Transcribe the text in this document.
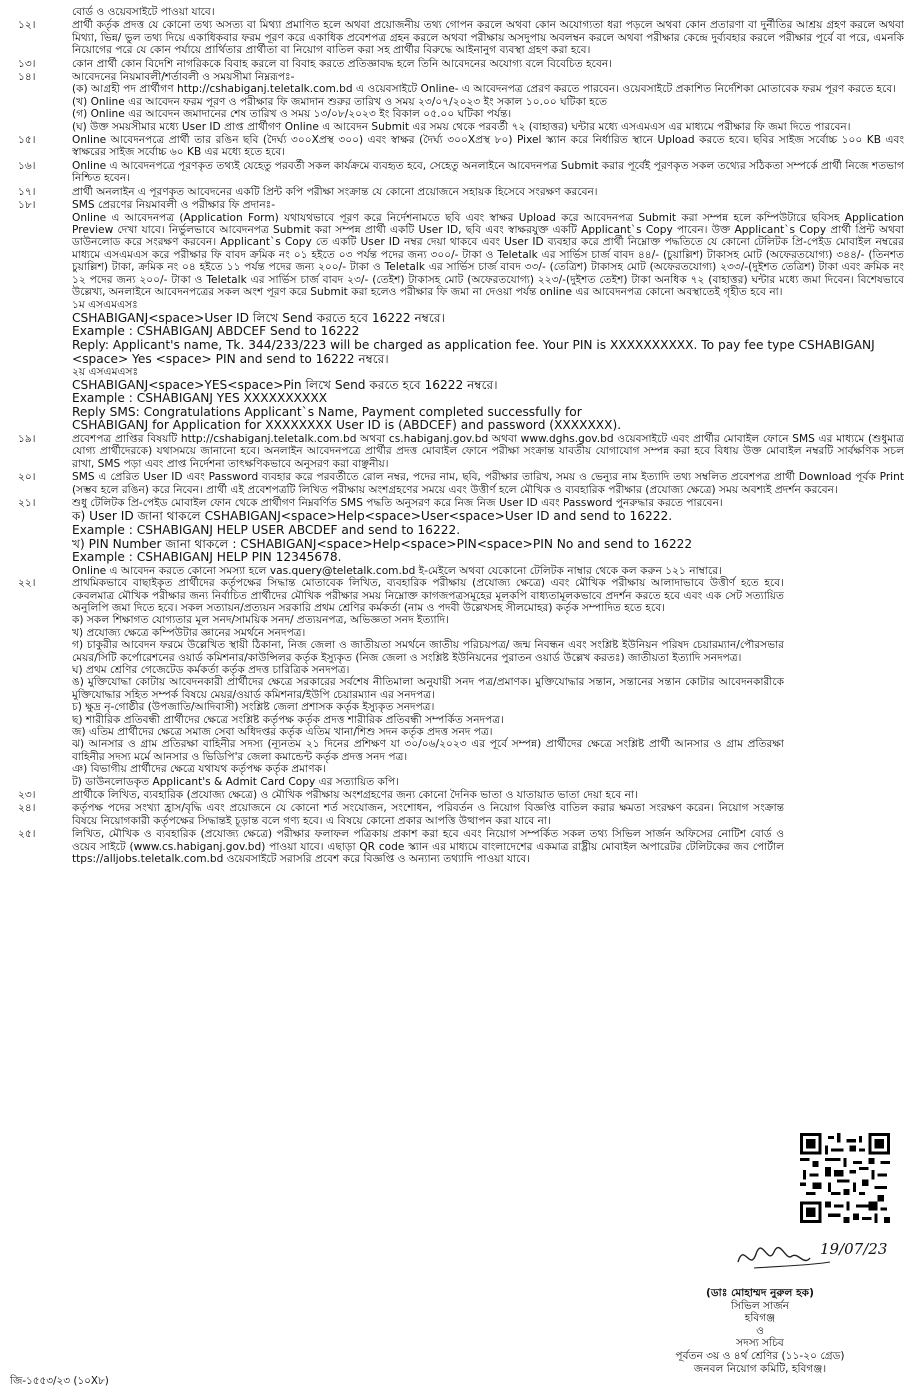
বোর্ড ও ওয়েবসাইটে পাওয়া যাবে।

১২।	প্রার্থী কর্তৃক প্রদত্ত যে কোনো তথ্য অসত্য বা মিথ্যা প্রমাণিত হলে অথবা প্রয়োজনীয় তথ্য গোপন করলে অথবা কোন অযোগ্যতা ধরা পড়লে অথবা কোন প্রতারণা বা দুর্নীতির আশ্রয় গ্রহণ করলে অথবা মিথ্যা, ভিন্ন/ ভুল তথ্য দিয়ে একাধিকবার ফরম পূরণ করে একাধিক প্রবেশপত্র গ্রহন করলে অথবা পরীক্ষায় অসদুপায় অবলম্বন করলে অথবা পরীক্ষার কেন্দ্রে দুর্ব্যবহার করলে পরীক্ষার পূর্বে বা পরে, এমনকি নিয়োগের পরে যে কোন পর্যায়ে প্রার্থিতার প্রার্থীতা বা নিয়োগ বাতিল করা সহ প্রার্থীর বিরুদ্ধে আইনানুগ ব্যবস্থা গ্রহণ করা হবে।

১৩।	কোন প্রার্থী কোন বিদেশি নাগরিককে বিবাহ করলে বা বিবাহ করতে প্রতিজ্ঞাবদ্ধ হলে তিনি আবেদনের অযোগ্য বলে বিবেচিত হবেন।

১৪।	আবেদনের নিয়মাবলী/শর্তাবলী ও সময়সীমা নিম্নরূপঃ-

(ক) আগ্রহী পদ প্রার্থীগণ http://cshabiganj.teletalk.com.bd এ ওয়েবসাইটে Online- এ আবেদনপত্র প্রেরণ করতে পারবেন। ওয়েবসাইটে প্রকাশিত নির্দেশিকা মোতাবেক ফরম পূরণ করতে হবে।

(খ) Online এর আবেদন ফরম পূরণ ও পরীক্ষার ফি জমাদান শুরুর তারিখ ও সময় ২৩/০৭/২০২৩ ইং সকাল ১০.০০ ঘটিকা হতে

(গ) Online এর আবেদন জমাদানের শেষ তারিখ ও সময় ১৩/০৮/২০২৩ ইং বিকাল ০৫.০০ ঘটিকা পর্যন্ত।

(ঘ) উক্ত সময়সীমার মধ্যে User ID প্রাপ্ত প্রার্থীগণ Online এ আবেদন Submit এর সময় থেকে পরবর্তী ৭২ (বাহাত্তর) ঘন্টার মধ্যে এসএমএস এর মাধ্যমে পরীক্ষার ফি জমা দিতে পারবেন।

১৫।	Online আবেদনপত্রে প্রার্থী তার রঙিন ছবি (দৈর্ঘ্য ৩০০Xপ্রস্থ ৩০০) এবং স্বাক্ষর (দৈর্ঘ্য ৩০০Xপ্রস্থ ৮০) Pixel স্ক্যান করে নির্ধারিত স্থানে Upload করতে হবে। ছবির সাইজ সর্বোচ্চ ১০০ KB এবং স্বাক্ষরের সাইজ সর্বোচ্চ ৬০ KB এর মধ্যে হতে হবে।

১৬।	Online এ আবেদনপত্রে পূরণকৃত তথ্যই যেহেতু পরবর্তী সকল কার্যক্রমে ব্যবহৃত হবে, সেহেতু অনলাইনে আবেদনপত্র Submit করার পূর্বেই পূরণকৃত সকল তথ্যের সঠিকতা সম্পর্কে প্রার্থী নিজে শতভাগ নিশ্চিত হবেন।

১৭।	প্রার্থী অনলাইন এ পূরণকৃত আবেদনের একটি প্রিন্ট কপি পরীক্ষা সংক্রান্ত যে কোনো প্রয়োজনে সহায়ক হিসেবে সংরক্ষণ করবেন।

১৮।	SMS প্রেরণের নিয়মাবলী ও পরীক্ষার ফি প্রদানঃ-

Online এ আবেদনপত্র (Application Form) যথাযথভাবে পূরণ করে নির্দেশনামতে ছবি এবং স্বাক্ষর Upload করে আবেদনপত্র Submit করা সম্পন্ন হলে কম্পিউটারে ছবিসহ Application Preview দেখা যাবে। নির্ভুলভাবে আবেদনপত্র Submit করা সম্পন্ন প্রার্থী একটি User ID, ছবি এবং স্বাক্ষরযুক্ত একটি Applicant`s Copy পাবেন। উক্ত Applicant`s Copy প্রার্থী প্রিন্ট অথবা ডাউনলোড করে সংরক্ষণ করবেন। Applicant`s Copy তে একটি User ID নম্বর দেয়া থাকবে এবং User ID ব্যবহার করে প্রার্থী নিম্নোক্ত পদ্ধতিতে যে কোনো টেলিটক প্রি-পেইড মোবাইল নম্বরের মাধ্যমে এসএমএস করে পরীক্ষার ফি বাবদ ক্রমিক নং ০১ হইতে ০৩ পর্যন্ত পদের জন্য ৩০০/- টাকা ও Teletalk এর সার্ভিস চার্জ বাবদ ৪৪/- (চুয়াল্লিশ) টাকাসহ মোট (অফেরতযোগ্য) ৩৪৪/- (তিনশত চুয়াল্লিশ) টাকা, ক্রমিক নং ০৪ হইতে ১১ পর্যন্ত পদের জন্য ২০০/- টাকা ও Teletalk এর সার্ভিস চার্জ বাবদ ৩৩/- (তেত্রিশ) টাকাসহ মোট (অফেরতযোগ্য) ২৩৩/-(দুইশত তেত্রিশ) টাকা এবং ক্রমিক নং ১২ পদের জন্য ২০০/- টাকা ও Teletalk এর সার্ভিস চার্জ বাবদ ২৩/- (তেইশ) টাকাসহ মোট (অফেরতযোগ্য) ২২৩/-(দুইশত তেইশ) টাকা অনধিক ৭২ (বাহাত্তর) ঘন্টার মধ্যে জমা দিবেন। বিশেষভাবে উল্লেখ্য, অনলাইনে আবেদনপত্রের সকল অংশ পূরণ করে Submit করা হলেও পরীক্ষার ফি জমা না দেওয়া পর্যন্ত online এর আবেদনপত্র কোনো অবস্থাতেই গৃহীত হবে না।

১ম এসএমএসঃ

CSHABIGANJ<space>User ID লিখে Send করতে হবে 16222 নম্বরে।

Example : CSHABIGANJ ABDCEF Send to 16222

Reply: Applicant's name, Tk. 344/233/223 will be charged as application fee. Your PIN is XXXXXXXXXX. To pay fee type CSHABIGANJ <space> Yes <space> PIN and send to 16222 নম্বরে।

২য় এসএমএসঃ

CSHABIGANJ<space>YES<space>Pin লিখে Send করতে হবে 16222 নম্বরে।

Example : CSHABIGANJ YES XXXXXXXXXX

Reply SMS: Congratulations Applicant`s Name, Payment completed successfully for

CSHABIGANJ for Application for XXXXXXXX User ID is (ABDCEF) and password (XXXXXXX).

১৯।	প্রবেশপত্র প্রাপ্তির বিষয়টি http://cshabiganj.teletalk.com.bd অথবা cs.habiganj.gov.bd অথবা www.dghs.gov.bd ওয়েবসাইটে এবং প্রার্থীর মোবাইল ফোনে SMS এর মাধ্যমে (শুধুমাত্র যোগ্য প্রার্থীদেরকে) যথাসময়ে জানানো হবে। অনলাইন আবেদনপত্রে প্রার্থীর প্রদত্ত মোবাইল ফোনে পরীক্ষা সংক্রান্ত যাবতীয় যোগাযোগ সম্পন্ন করা হবে বিধায় উক্ত মোবাইল নম্বরটি সার্বক্ষণিক সচল রাখা, SMS পড়া এবং প্রাপ্ত নির্দেশনা তাৎক্ষণিকভাবে অনুসরণ করা বাঞ্ছনীয়।

২০।	SMS এ প্রেরিত User ID এবং Password ব্যবহার করে পরবর্তীতে রোল নম্বর, পদের নাম, ছবি, পরীক্ষার তারিখ, সময় ও ভেন্যুর নাম ইত্যাদি তথ্য সম্বলিত প্রবেশপত্র প্রার্থী Download পূর্বক Print (সম্ভব হলে রঙিন) করে নিবেন। প্রার্থী এই প্রবেশপত্রটি লিখিত পরীক্ষায় অংশগ্রহণের সময়ে এবং উত্তীর্ণ হলে মৌখিক ও ব্যবহারিক পরীক্ষার (প্রযোজ্য ক্ষেত্রে) সময় অবশ্যই প্রদর্শন করবেন।

২১।	শুধু টেলিটক প্রি-পেইড মোবাইল ফোন থেকে প্রার্থীগণ নিম্নবর্ণিত SMS পদ্ধতি অনুসরণ করে নিজ নিজ User ID এবং Password পুনরুদ্ধার করতে পারবেন।

ক) User ID জানা থাকলে CSHABIGANJ<space>Help<space>User<space>User ID and send to 16222.

Example : CSHABIGANJ HELP USER ABCDEF and send to 16222.

খ) PIN Number জানা থাকলে : CSHABIGANJ<space>Help<space>PIN<space>PIN No and send to 16222

Example : CSHABIGANJ HELP PIN 12345678.

Online এ আবেদন করতে কোনো সমস্যা হলে vas.query@teletalk.com.bd ই-মেইলে অথবা যেকোনো টেলিটক নাম্বার থেকে কল করুন ১২১ নাম্বারে।
২২।	প্রাথমিকভাবে বাছাইকৃত প্রার্থীদের কর্তৃপক্ষের সিদ্ধান্ত মোতাবেক লিখিত, ব্যবহারিক পরীক্ষায় (প্রযোজ্য ক্ষেত্রে) এবং মৌখিক পরীক্ষায় আলাদাভাবে উত্তীর্ণ হতে হবে। কেবলমাত্র মৌখিক পরীক্ষার জন্য নির্বাচিত প্রার্থীদের মৌখিক পরীক্ষার সময় নিম্নোক্ত কাগজপত্রসমূহের মূলকপি বাধ্যতামূলকভাবে প্রদর্শন করতে হবে এবং এক সেট সত্যায়িত অনুলিপি জমা দিতে হবে। সকল সত্যায়ন/প্রত্যয়ন সরকারি প্রথম শ্রেণির কর্মকর্তা (নাম ও পদবী উল্লেখসহ সীলমোহর) কর্তৃক সম্পাদিত হতে হবে।

ক) সকল শিক্ষাগত যোগ্যতার মূল সনদ/সাময়িক সনদ/ প্রত্যয়নপত্র, অভিজ্ঞতা সনদ ইত্যাদি।

খ) প্রযোজ্য ক্ষেত্রে কম্পিউটার জ্ঞানের সমর্থনে সনদপত্র।

গ) চাকুরীর আবেদন ফরমে উল্লেখিত স্থায়ী ঠিকানা, নিজ জেলা ও জাতীয়তা সমর্থনে জাতীয় পরিচয়পত্র/ জন্ম নিবন্ধন এবং সংশ্লিষ্ট ইউনিয়ন পরিষদ চেয়ারম্যান/পৌরসভার মেয়র/সিটি কর্পোরেশনের ওয়ার্ড কমিশনার/কাউন্সিলর কর্তৃক ইস্যুকৃত (নিজ জেলা ও সংশ্লিষ্ট ইউনিয়নের পুরাতন ওয়ার্ড উল্লেখ করতঃ) জাতীয়তা ইত্যাদি সনদপত্র।

ঘ) প্রথম শ্রেণির গেজেটেড কর্মকর্তা কর্তৃক প্রদত্ত চারিত্রিক সনদপত্র।

ঙ) মুক্তিযোদ্ধা কোটায় আবেদনকারী প্রার্থীদের ক্ষেত্রে সরকারের সর্বশেষ নীতিমালা অনুযায়ী সনদ পত্র/প্রমাণক। মুক্তিযোদ্ধার সন্তান, সন্তানের সন্তান কোটার আবেদনকারীকে মুক্তিযোদ্ধার সহিত সম্পর্ক বিষয়ে মেয়র/ওয়ার্ড কমিশনার/ইউপি চেয়ারম্যান এর সনদপত্র।

চ) ক্ষুদ্র নৃ-গোষ্ঠীর (উপজাতি/আদিবাসী) সংশ্লিষ্ট জেলা প্রশাসক কর্তৃক ইস্যুকৃত সনদপত্র।

ছ) শারীরিক প্রতিবন্ধী প্রার্থীদের ক্ষেত্রে সংশ্লিষ্ট কর্তৃপক্ষ কর্তৃক প্রদত্ত শারীরিক প্রতিবন্ধী সম্পর্কিত সনদপত্র।

জ) এতিম প্রার্থীদের ক্ষেত্রে সমাজ সেবা অধিদপ্তর কর্তৃক এতিম খানা/শিশু সদন কর্তৃক প্রদত্ত সনদ পত্র।

ঝ) আনসার ও গ্রাম প্রতিরক্ষা বাহিনীর সদস্য (ন্যূনতম ২১ দিনের প্রশিক্ষণ যা ৩০/০৬/২০২৩ এর পূর্বে সম্পন্ন) প্রার্থীদের ক্ষেত্রে সংশ্লিষ্ট প্রার্থী আনসার ও গ্রাম প্রতিরক্ষা বাহিনীর সদস্য মর্মে আনসার ও ভিডিপি'র জেলা কমান্ডেন্ট কর্তৃক প্রদত্ত সনদ পত্র।

ঞ) বিভাগীয় প্রার্থীদের ক্ষেত্রে যথাযথ কর্তৃপক্ষ কর্তৃক প্রমাণক।

ট) ডাউনলোডকৃত Applicant's & Admit Card Copy এর সত্যায়িত কপি।

২৩।	প্রার্থীকে লিখিত, ব্যবহারিক (প্রযোজ্য ক্ষেত্রে) ও মৌখিক পরীক্ষায় অংশগ্রহণের জন্য কোনো দৈনিক ভাতা ও যাতায়াত ভাতা দেয়া হবে না।

২৪।	কর্তৃপক্ষ পদের সংখ্যা হ্রাস/বৃদ্ধি এবং প্রয়োজনে যে কোনো শর্ত সংযোজন, সংশোধন, পরিবর্তন ও নিয়োগ বিজ্ঞপ্তি বাতিল করার ক্ষমতা সংরক্ষণ করেন। নিয়োগ সংক্রান্ত বিষয়ে নিয়োগকারী কর্তৃপক্ষের সিদ্ধান্তই চূড়ান্ত বলে গণ্য হবে। এ বিষয়ে কোনো প্রকার আপত্তি উত্থাপন করা যাবে না।

২৫।	লিখিত, মৌখিক ও ব্যবহারিক (প্রযোজ্য ক্ষেত্রে) পরীক্ষার ফলাফল পত্রিকায় প্রকাশ করা হবে এবং নিয়োগ সম্পর্কিত সকল তথ্য সিভিল সার্জন অফিসের নোটিশ বোর্ড ও ওয়েব সাইটে (www.cs.habiganj.gov.bd) পাওয়া যাবে। এছাড়া QR code স্ক্যান এর মাধ্যমে বাংলাদেশের একমাত্র রাষ্ট্রীয় মোবাইল অপারেটর টেলিটকের জব পোর্টাল ttps://alljobs.teletalk.com.bd ওয়েবসাইটে সরাসরি প্রবেশ করে বিজ্ঞপ্তি ও অন্যান্য তথ্যাদি পাওয়া যাবে।

19/07/23

(ডাঃ মোহাম্মদ নুরুল হক)

সিভিল সার্জন

হবিগঞ্জ

ও

সদস্য সচিব

পূর্বতন ৩য় ও ৪র্থ শ্রেণির (১১-২০ গ্রেড)

জনবল নিয়োগ কমিটি, হবিগঞ্জ।

জি-১৫৫৩/২৩ (১০X৮)
